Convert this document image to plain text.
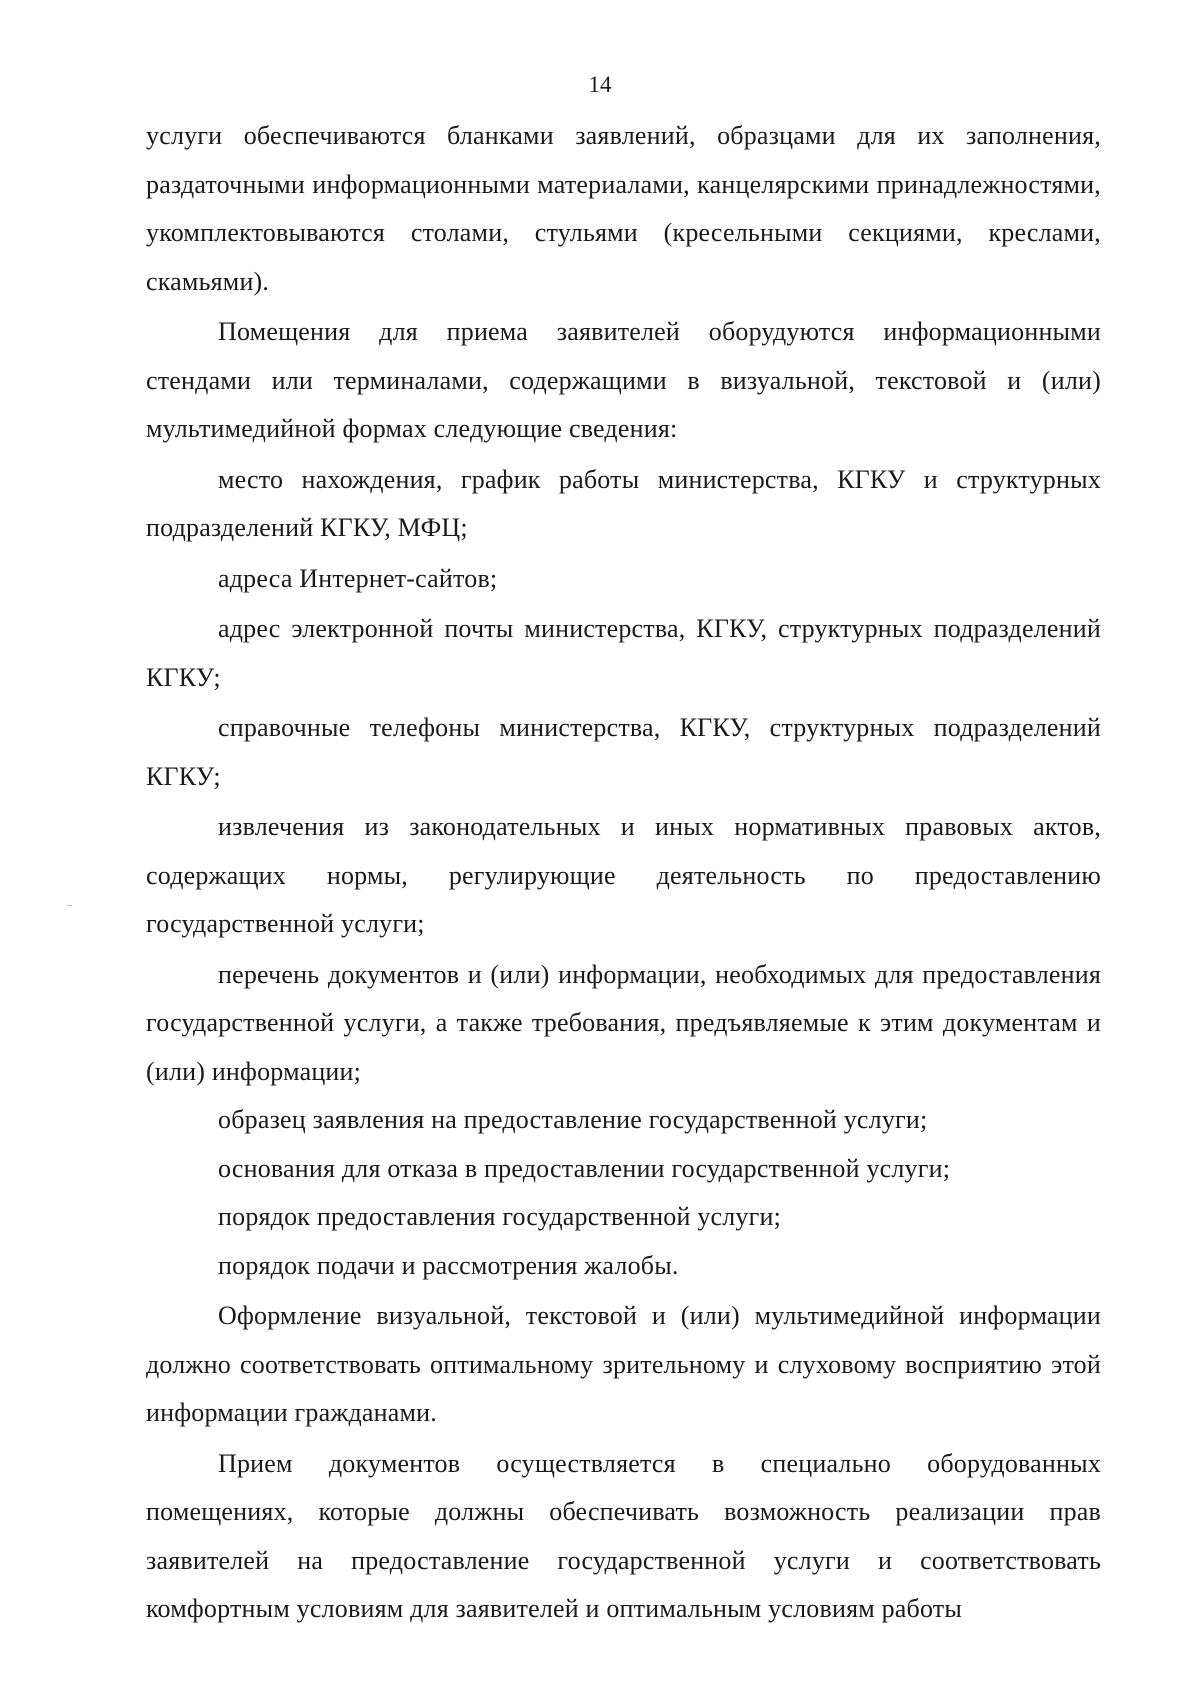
14

услуги обеспечиваются бланками заявлений, образцами для их заполнения, раздаточными информационными материалами, канцелярскими принадлежностями, укомплектовываются столами, стульями (кресельными секциями, креслами, скамьями).

Помещения для приема заявителей оборудуются информационными стендами или терминалами, содержащими в визуальной, текстовой и (или) мультимедийной формах следующие сведения:

место нахождения, график работы министерства, КГКУ и структурных подразделений КГКУ, МФЦ;

адреса Интернет-сайтов;

адрес электронной почты министерства, КГКУ, структурных подразделений КГКУ;

справочные телефоны министерства, КГКУ, структурных подразделений КГКУ;

извлечения из законодательных и иных нормативных правовых актов, содержащих нормы, регулирующие деятельность по предоставлению государственной услуги;

перечень документов и (или) информации, необходимых для предоставления государственной услуги, а также требования, предъявляемые к этим документам и (или) информации;

образец заявления на предоставление государственной услуги;

основания для отказа в предоставлении государственной услуги;

порядок предоставления государственной услуги;

порядок подачи и рассмотрения жалобы.

Оформление визуальной, текстовой и (или) мультимедийной информации должно соответствовать оптимальному зрительному и слуховому восприятию этой информации гражданами.

Прием документов осуществляется в специально оборудованных помещениях, которые должны обеспечивать возможность реализации прав заявителей на предоставление государственной услуги и соответствовать комфортным условиям для заявителей и оптимальным условиям работы
